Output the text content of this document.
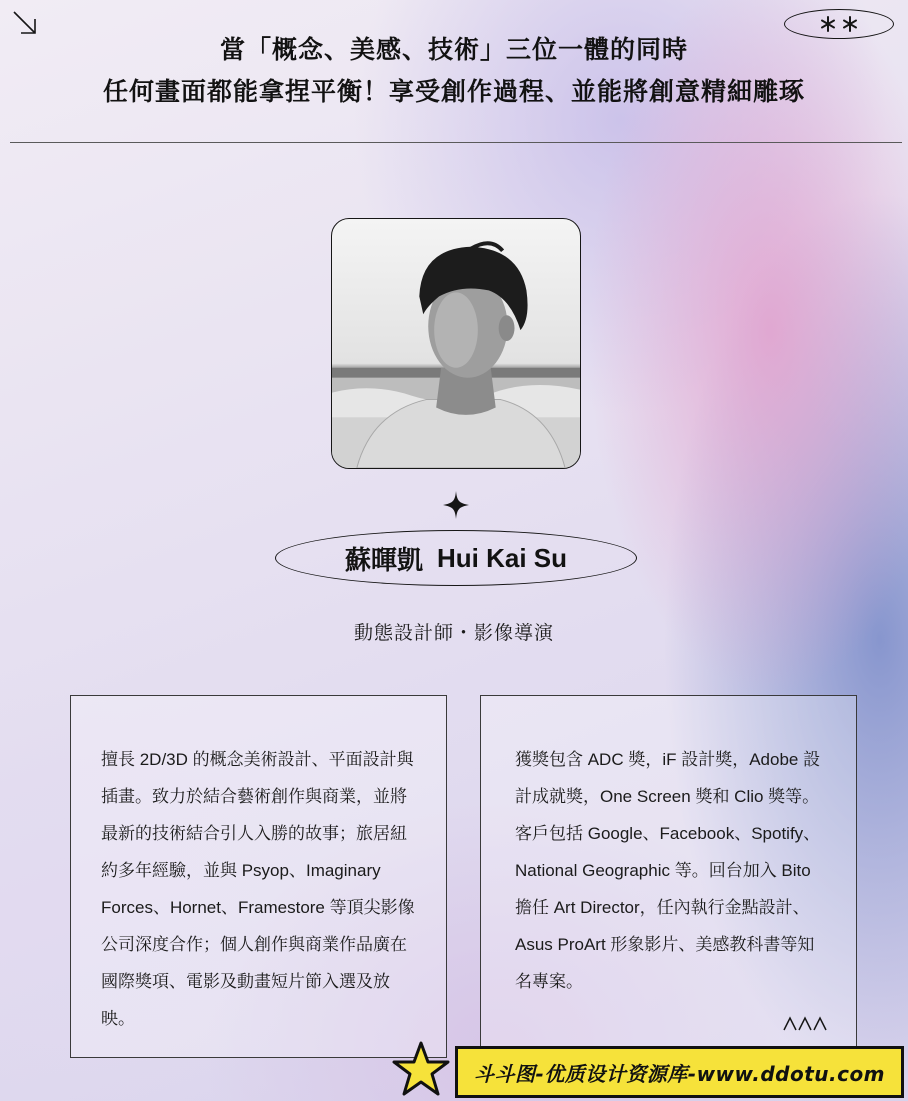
當「概念、美感、技術」三位一體的同時
任何畫面都能拿捏平衡！享受創作過程、並能將創意精細雕琢
蘇暉凱 Hui Kai Su
動態設計師・影像導演

擅長 2D/3D 的概念美術設計、平面設計與插畫。致力於結合藝術創作與商業，並將最新的技術結合引人入勝的故事；旅居紐約多年經驗，並與 Psyop、Imaginary Forces、Hornet、Framestore 等頂尖影像公司深度合作；個人創作與商業作品廣在國際獎項、電影及動畫短片節入選及放映。

獲獎包含 ADC 獎，iF 設計獎，Adobe 設計成就獎，One Screen 獎和 Clio 獎等。客戶包括 Google、Facebook、Spotify、National Geographic 等。回台加入 Bito 擔任 Art Director，任內執行金點設計、Asus ProArt 形象影片、美感教科書等知名專案。

斗斗图-优质设计资源库-www.ddotu.com
